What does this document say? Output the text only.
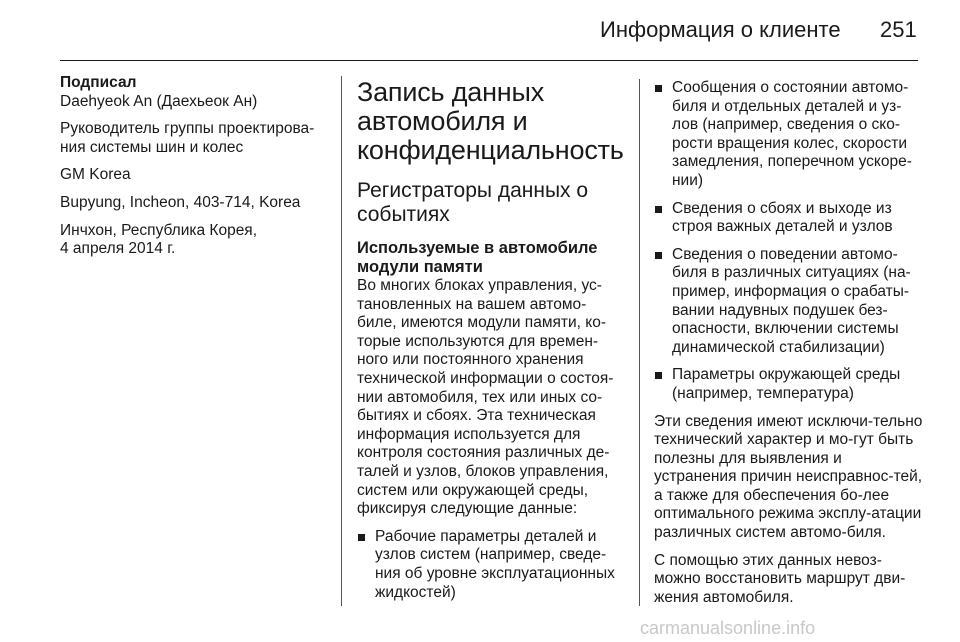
Информация о клиенте 251

Подписал

Daehyeok An (Даехьеок Ан)

Руководитель группы проектирова-ния системы шин и колес

GM Korea

Bupyung, Incheon, 403-714, Korea

Инчхон, Республика Корея,
4 апреля 2014 г.

Запись данных автомобиля и конфиденциальность
Регистраторы данных о событиях
Используемые в автомобиле модули памяти

Во многих блоках управления, ус-тановленных на вашем автомо-биле, имеются модули памяти, ко-торые используются для времен-ного или постоянного хранения технической информации о состоя-нии автомобиля, тех или иных со-бытиях и сбоях. Эта техническая информация используется для контроля состояния различных де-талей и узлов, блоков управления, систем или окружающей среды, фиксируя следующие данные:

Рабочие параметры деталей и узлов систем (например, сведе-ния об уровне эксплуатационных жидкостей)
Сообщения о состоянии автомо-биля и отдельных деталей и уз-лов (например, сведения о ско-рости вращения колес, скорости замедления, поперечном ускоре-нии)
Сведения о сбоях и выходе из строя важных деталей и узлов
Сведения о поведении автомо-биля в различных ситуациях (на-пример, информация о срабаты-вании надувных подушек без-опасности, включении системы динамической стабилизации)
Параметры окружающей среды (например, температура)

Эти сведения имеют исключи-тельно технический характер и мо-гут быть полезны для выявления и устранения причин неисправнос-тей, а также для обеспечения бо-лее оптимального режима эксплу-атации различных систем автомо-биля.

С помощью этих данных невоз-можно восстановить маршрут дви-жения автомобиля.

carmanualsonline.info
